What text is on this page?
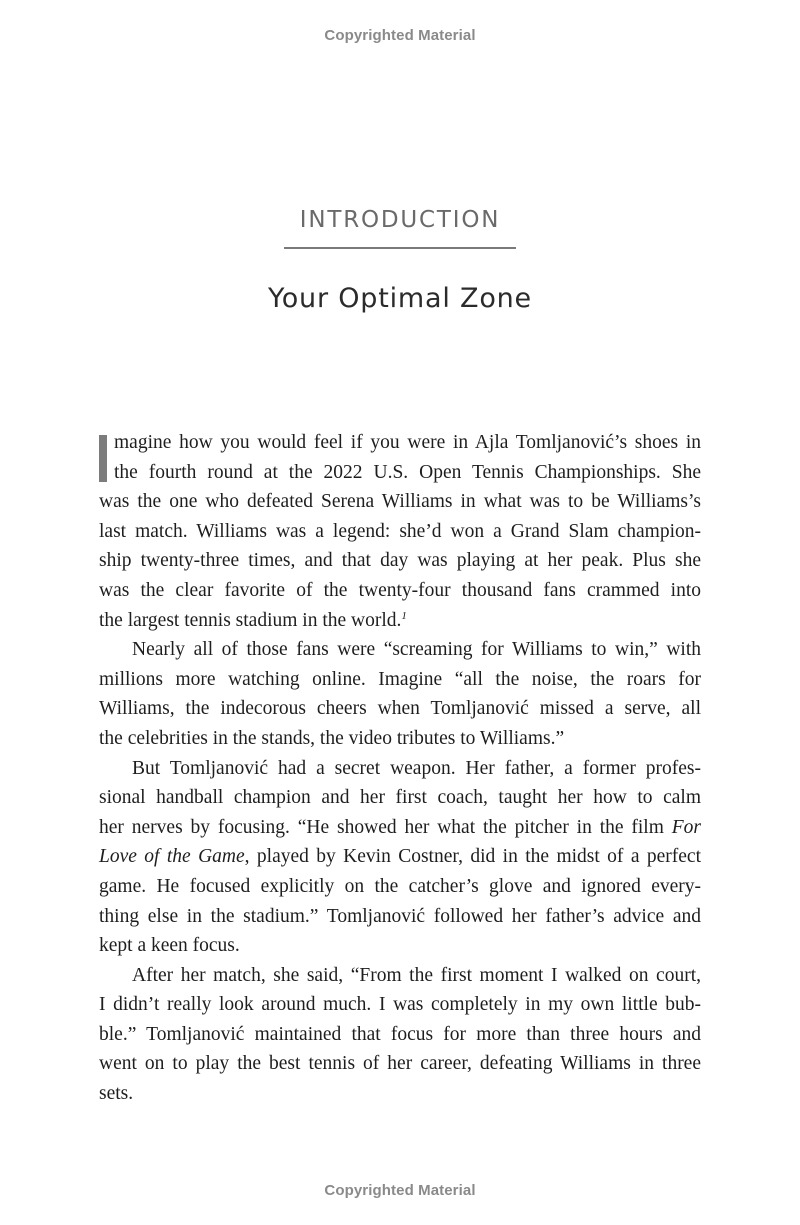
Copyrighted Material
INTRODUCTION
Your Optimal Zone
magine how you would feel if you were in Ajla Tomljanović’s shoes in
the fourth round at the 2022 U.S. Open Tennis Championships. She
was the one who defeated Serena Williams in what was to be Williams’s
last match. Williams was a legend: she’d won a Grand Slam champion-
ship twenty-three times, and that day was playing at her peak. Plus she
was the clear favorite of the twenty-four thousand fans crammed into
the largest tennis stadium in the world.$^1$
Nearly all of those fans were “screaming for Williams to win,” with
millions more watching online. Imagine “all the noise, the roars for
Williams, the indecorous cheers when Tomljanović missed a serve, all
the celebrities in the stands, the video tributes to Williams.”
But Tomljanović had a secret weapon. Her father, a former profes-
sional handball champion and her first coach, taught her how to calm
her nerves by focusing. “He showed her what the pitcher in the film For
Love of the Game, played by Kevin Costner, did in the midst of a perfect
game. He focused explicitly on the catcher’s glove and ignored every-
thing else in the stadium.” Tomljanović followed her father’s advice and
kept a keen focus.
After her match, she said, “From the first moment I walked on court,
I didn’t really look around much. I was completely in my own little bub-
ble.” Tomljanović maintained that focus for more than three hours and
went on to play the best tennis of her career, defeating Williams in three
sets.
Copyrighted Material
